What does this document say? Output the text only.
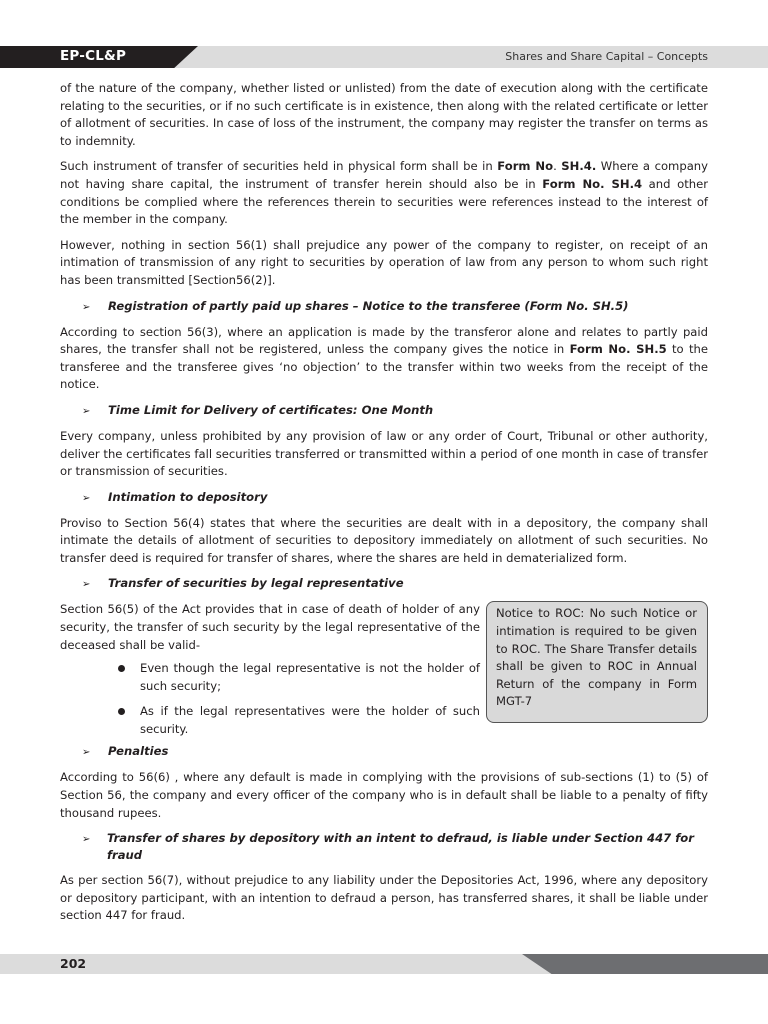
EP-CL&P	Shares and Share Capital – Concepts

of the nature of the company, whether listed or unlisted) from the date of execution along with the certificate relating to the securities, or if no such certificate is in existence, then along with the related certificate or letter of allotment of securities. In case of loss of the instrument, the company may register the transfer on terms as to indemnity.

Such instrument of transfer of securities held in physical form shall be in Form No. SH.4. Where a company not having share capital, the instrument of transfer herein should also be in Form No. SH.4 and other conditions be complied where the references therein to securities were references instead to the interest of the member in the company.

However, nothing in section 56(1) shall prejudice any power of the company to register, on receipt of an intimation of transmission of any right to securities by operation of law from any person to whom such right has been transmitted [Section56(2)].

➢	Registration of partly paid up shares – Notice to the transferee (Form No. SH.5)

According to section 56(3), where an application is made by the transferor alone and relates to partly paid shares, the transfer shall not be registered, unless the company gives the notice in Form No. SH.5 to the transferee and the transferee gives ‘no objection’ to the transfer within two weeks from the receipt of the notice.

➢	Time Limit for Delivery of certificates: One Month

Every company, unless prohibited by any provision of law or any order of Court, Tribunal or other authority, deliver the certificates fall securities transferred or transmitted within a period of one month in case of transfer or transmission of securities.

➢	Intimation to depository

Proviso to Section 56(4) states that where the securities are dealt with in a depository, the company shall intimate the details of allotment of securities to depository immediately on allotment of such securities. No transfer deed is required for transfer of shares, where the shares are held in dematerialized form.

➢	Transfer of securities by legal representative

Section 56(5) of the Act provides that in case of death of holder of any security, the transfer of such security by the legal representative of the deceased shall be valid-

Even though the legal representative is not the holder of such security;
As if the legal representatives were the holder of such security.
Notice to ROC: No such Notice or intimation is required to be given to ROC. The Share Transfer details shall be given to ROC in Annual Return of the company in Form MGT-7
➢	Penalties

According to 56(6) , where any default is made in complying with the provisions of sub-sections (1) to (5) of Section 56, the company and every officer of the company who is in default shall be liable to a penalty of fifty thousand rupees.

➢	Transfer of shares by depository with an intent to defraud, is liable under Section 447 for fraud

As per section 56(7), without prejudice to any liability under the Depositories Act, 1996, where any depository or depository participant, with an intention to defraud a person, has transferred shares, it shall be liable under section 447 for fraud.

202
